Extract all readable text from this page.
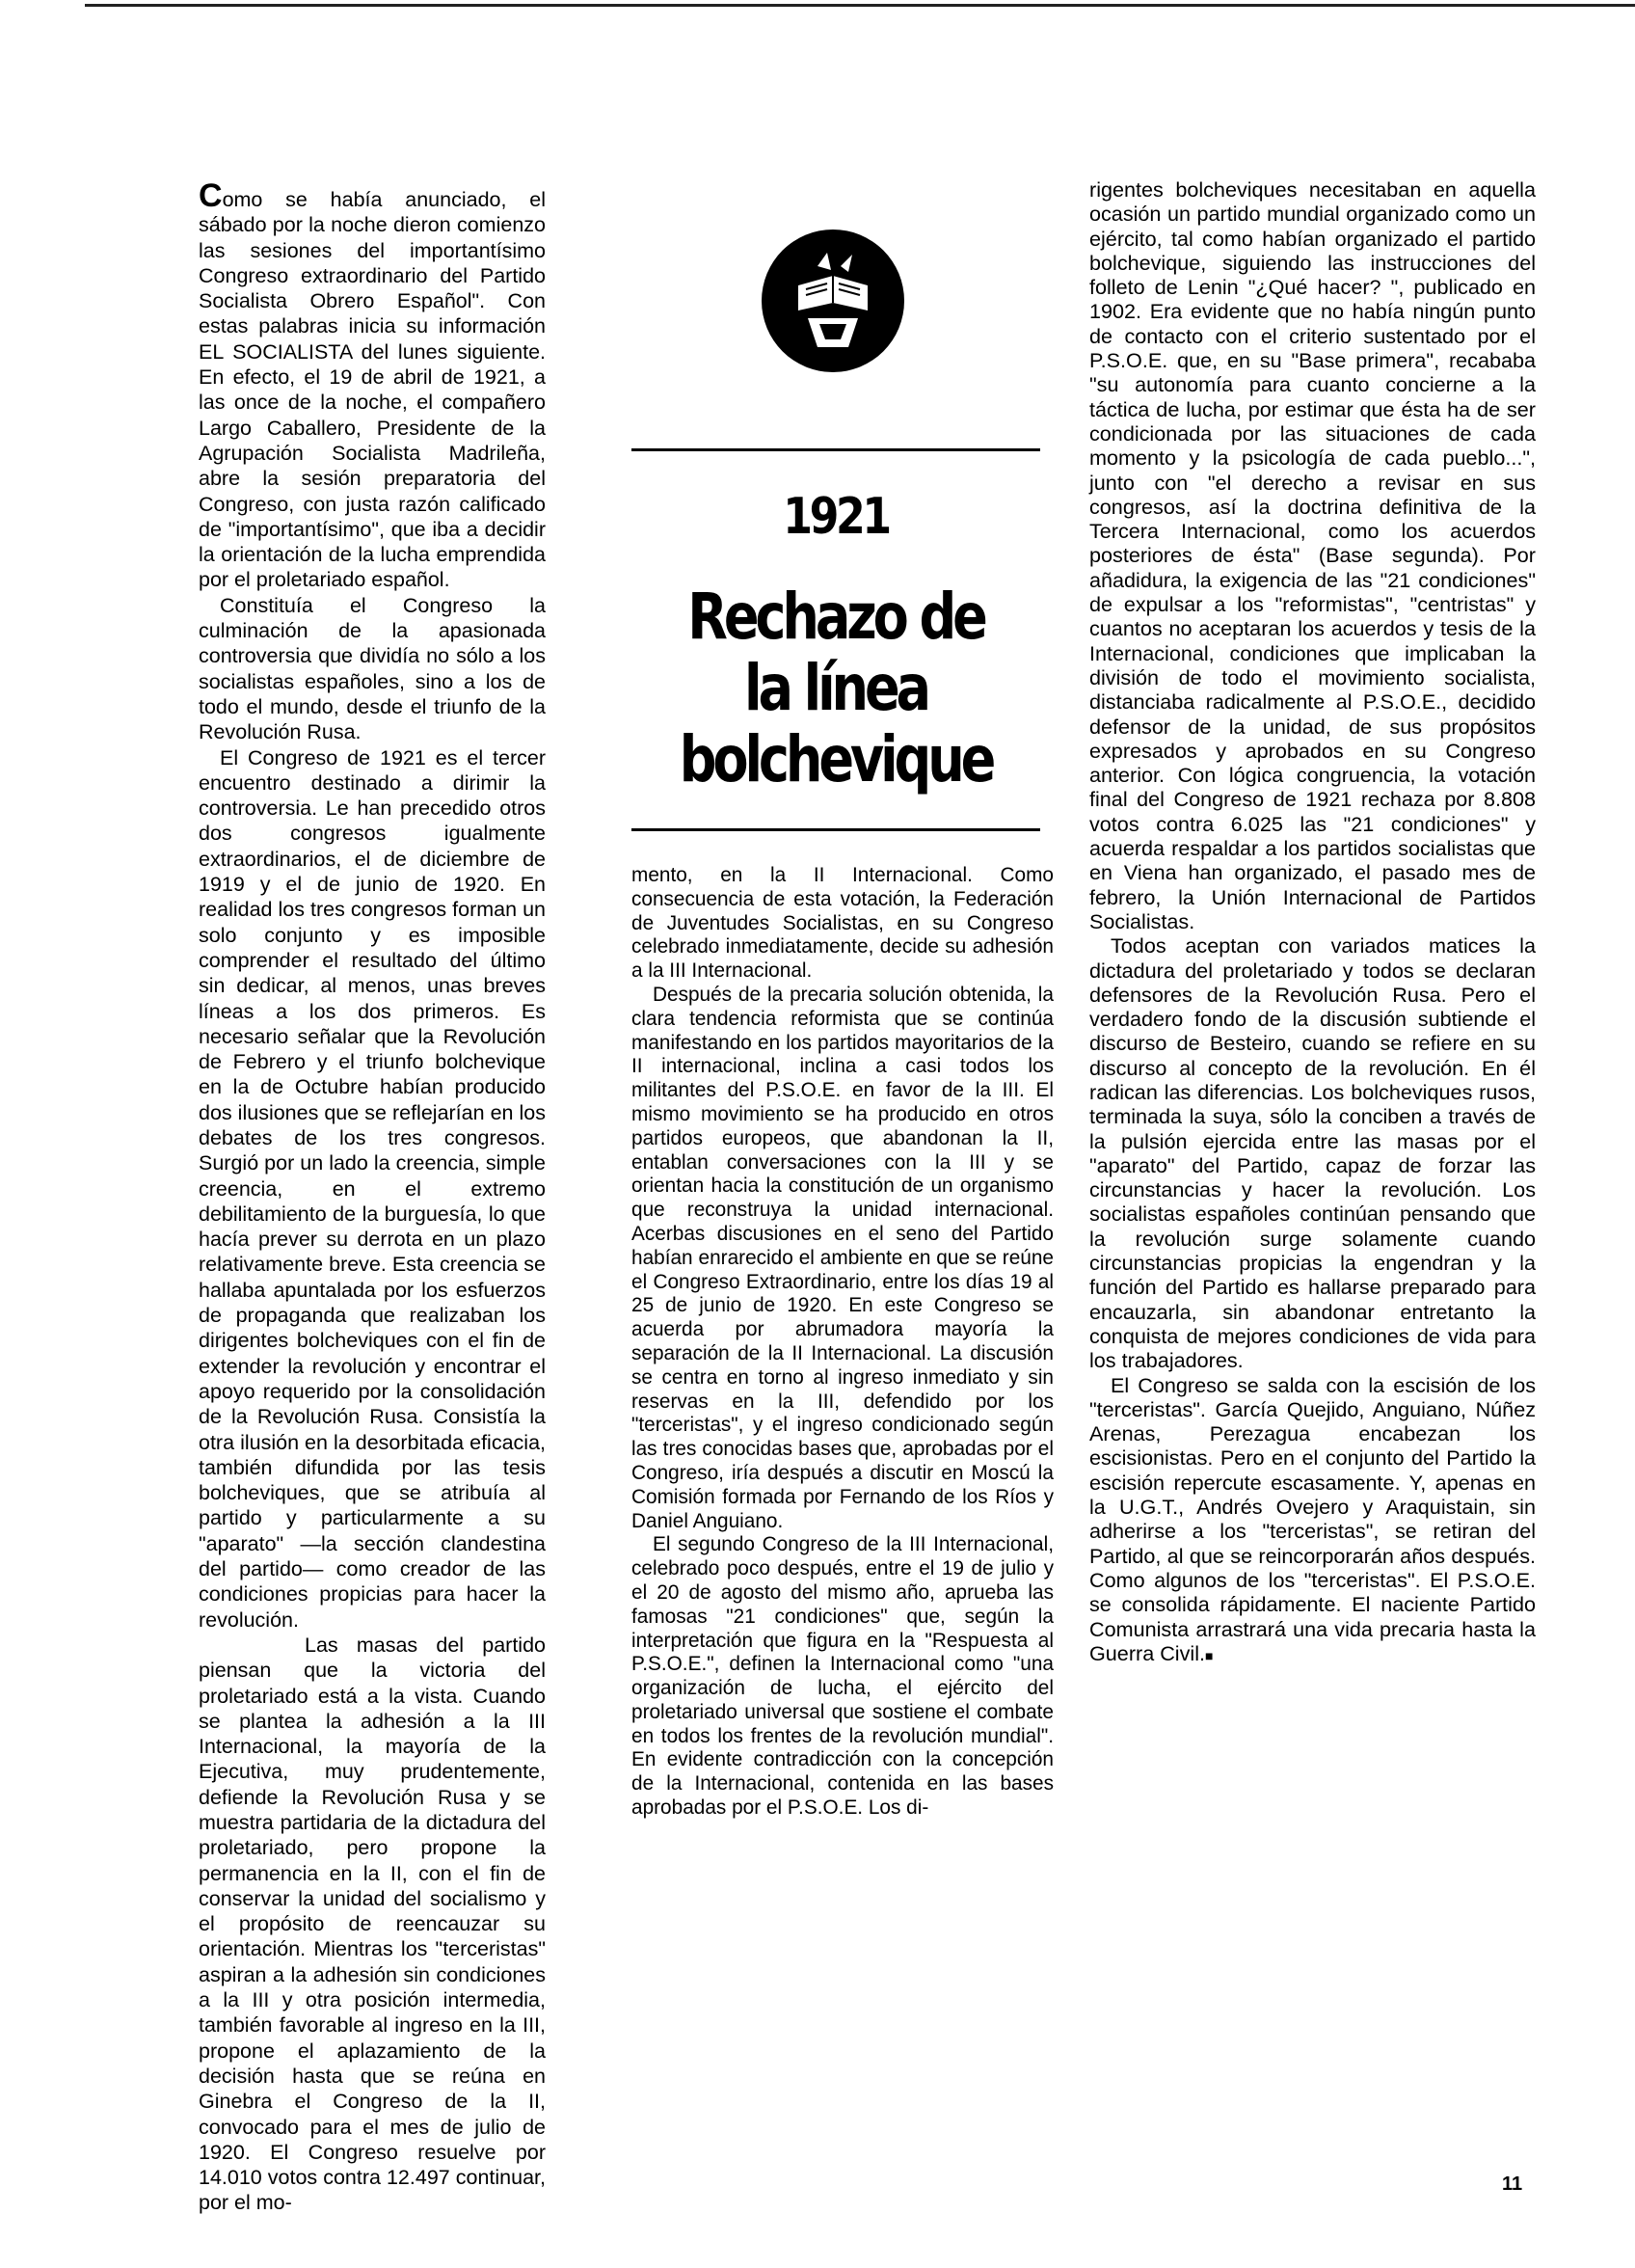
Como se había anunciado, el sábado por la noche dieron comienzo las sesiones del importantísimo Congreso extraordinario del Partido Socialista Obrero Español". Con estas palabras inicia su información EL SOCIALISTA del lunes siguiente. En efecto, el 19 de abril de 1921, a las once de la noche, el compañero Largo Caballero, Presidente de la Agrupación Socialista Madrileña, abre la sesión preparatoria del Congreso, con justa razón calificado de "importantísimo", que iba a decidir la orientación de la lucha emprendida por el proletariado español.

Constituía el Congreso la culminación de la apasionada controversia que dividía no sólo a los socialistas españoles, sino a los de todo el mundo, desde el triunfo de la Revolución Rusa.

El Congreso de 1921 es el tercer encuentro destinado a dirimir la controversia. Le han precedido otros dos congresos igualmente extraordinarios, el de diciembre de 1919 y el de junio de 1920. En realidad los tres congresos forman un solo conjunto y es imposible comprender el resultado del último sin dedicar, al menos, unas breves líneas a los dos primeros. Es necesario señalar que la Revolución de Febrero y el triunfo bolchevique en la de Octubre habían producido dos ilusiones que se reflejarían en los debates de los tres congresos. Surgió por un lado la creencia, simple creencia, en el extremo debilitamiento de la burguesía, lo que hacía prever su derrota en un plazo relativamente breve. Esta creencia se hallaba apuntalada por los esfuerzos de propaganda que realizaban los dirigentes bolcheviques con el fin de extender la revolución y encontrar el apoyo requerido por la consolidación de la Revolución Rusa. Consistía la otra ilusión en la desorbitada eficacia, también difundida por las tesis bolcheviques, que se atribuía al partido y particularmente a su "aparato" —la sección clandestina del partido— como creador de las condiciones propicias para hacer la revolución.

Las masas del partido piensan que la victoria del proletariado está a la vista. Cuando se plantea la adhesión a la III Internacional, la mayoría de la Ejecutiva, muy prudentemente, defiende la Revolución Rusa y se muestra partidaria de la dictadura del proletariado, pero propone la permanencia en la II, con el fin de conservar la unidad del socialismo y el propósito de reencauzar su orientación. Mientras los "terceristas" aspiran a la adhesión sin condiciones a la III y otra posición intermedia, también favorable al ingreso en la III, propone el aplazamiento de la decisión hasta que se reúna en Ginebra el Congreso de la II, convocado para el mes de julio de 1920. El Congreso resuelve por 14.010 votos contra 12.497 continuar, por el mo-

1921
Rechazo de la línea bolchevique

mento, en la II Internacional. Como consecuencia de esta votación, la Federación de Juventudes Socialistas, en su Congreso celebrado inmediatamente, decide su adhesión a la III Internacional.

Después de la precaria solución obtenida, la clara tendencia reformista que se continúa manifestando en los partidos mayoritarios de la II internacional, inclina a casi todos los militantes del P.S.O.E. en favor de la III. El mismo movimiento se ha producido en otros partidos europeos, que abandonan la II, entablan conversaciones con la III y se orientan hacia la constitución de un organismo que reconstruya la unidad internacional. Acerbas discusiones en el seno del Partido habían enrarecido el ambiente en que se reúne el Congreso Extraordinario, entre los días 19 al 25 de junio de 1920. En este Congreso se acuerda por abrumadora mayoría la separación de la II Internacional. La discusión se centra en torno al ingreso inmediato y sin reservas en la III, defendido por los "terceristas", y el ingreso condicionado según las tres conocidas bases que, aprobadas por el Congreso, iría después a discutir en Moscú la Comisión formada por Fernando de los Ríos y Daniel Anguiano.

El segundo Congreso de la III Internacional, celebrado poco después, entre el 19 de julio y el 20 de agosto del mismo año, aprueba las famosas "21 condiciones" que, según la interpretación que figura en la "Respuesta al P.S.O.E.", definen la Internacional como "una organización de lucha, el ejército del proletariado universal que sostiene el combate en todos los frentes de la revolución mundial". En evidente contradicción con la concepción de la Internacional, contenida en las bases aprobadas por el P.S.O.E. Los di-

rigentes bolcheviques necesitaban en aquella ocasión un partido mundial organizado como un ejército, tal como habían organizado el partido bolchevique, siguiendo las instrucciones del folleto de Lenin "¿Qué hacer? ", publicado en 1902. Era evidente que no había ningún punto de contacto con el criterio sustentado por el P.S.O.E. que, en su "Base primera", recababa "su autonomía para cuanto concierne a la táctica de lucha, por estimar que ésta ha de ser condicionada por las situaciones de cada momento y la psicología de cada pueblo...", junto con "el derecho a revisar en sus congresos, así la doctrina definitiva de la Tercera Internacional, como los acuerdos posteriores de ésta" (Base segunda). Por añadidura, la exigencia de las "21 condiciones" de expulsar a los "reformistas", "centristas" y cuantos no aceptaran los acuerdos y tesis de la Internacional, condiciones que implicaban la división de todo el movimiento socialista, distanciaba radicalmente al P.S.O.E., decidido defensor de la unidad, de sus propósitos expresados y aprobados en su Congreso anterior. Con lógica congruencia, la votación final del Congreso de 1921 rechaza por 8.808 votos contra 6.025 las "21 condiciones" y acuerda respaldar a los partidos socialistas que en Viena han organizado, el pasado mes de febrero, la Unión Internacional de Partidos Socialistas.

Todos aceptan con variados matices la dictadura del proletariado y todos se declaran defensores de la Revolución Rusa. Pero el verdadero fondo de la discusión subtiende el discurso de Besteiro, cuando se refiere en su discurso al concepto de la revolución. En él radican las diferencias. Los bolcheviques rusos, terminada la suya, sólo la conciben a través de la pulsión ejercida entre las masas por el "aparato" del Partido, capaz de forzar las circunstancias y hacer la revolución. Los socialistas españoles continúan pensando que la revolución surge solamente cuando circunstancias propicias la engendran y la función del Partido es hallarse preparado para encauzarla, sin abandonar entretanto la conquista de mejores condiciones de vida para los trabajadores.

El Congreso se salda con la escisión de los "terceristas". García Quejido, Anguiano, Núñez Arenas, Perezagua encabezan los escisionistas. Pero en el conjunto del Partido la escisión repercute escasamente. Y, apenas en la U.G.T., Andrés Ovejero y Araquistain, sin adherirse a los "terceristas", se retiran del Partido, al que se reincorporarán años después. Como algunos de los "terceristas". El P.S.O.E. se consolida rápidamente. El naciente Partido Comunista arrastrará una vida precaria hasta la Guerra Civil. ■

11
